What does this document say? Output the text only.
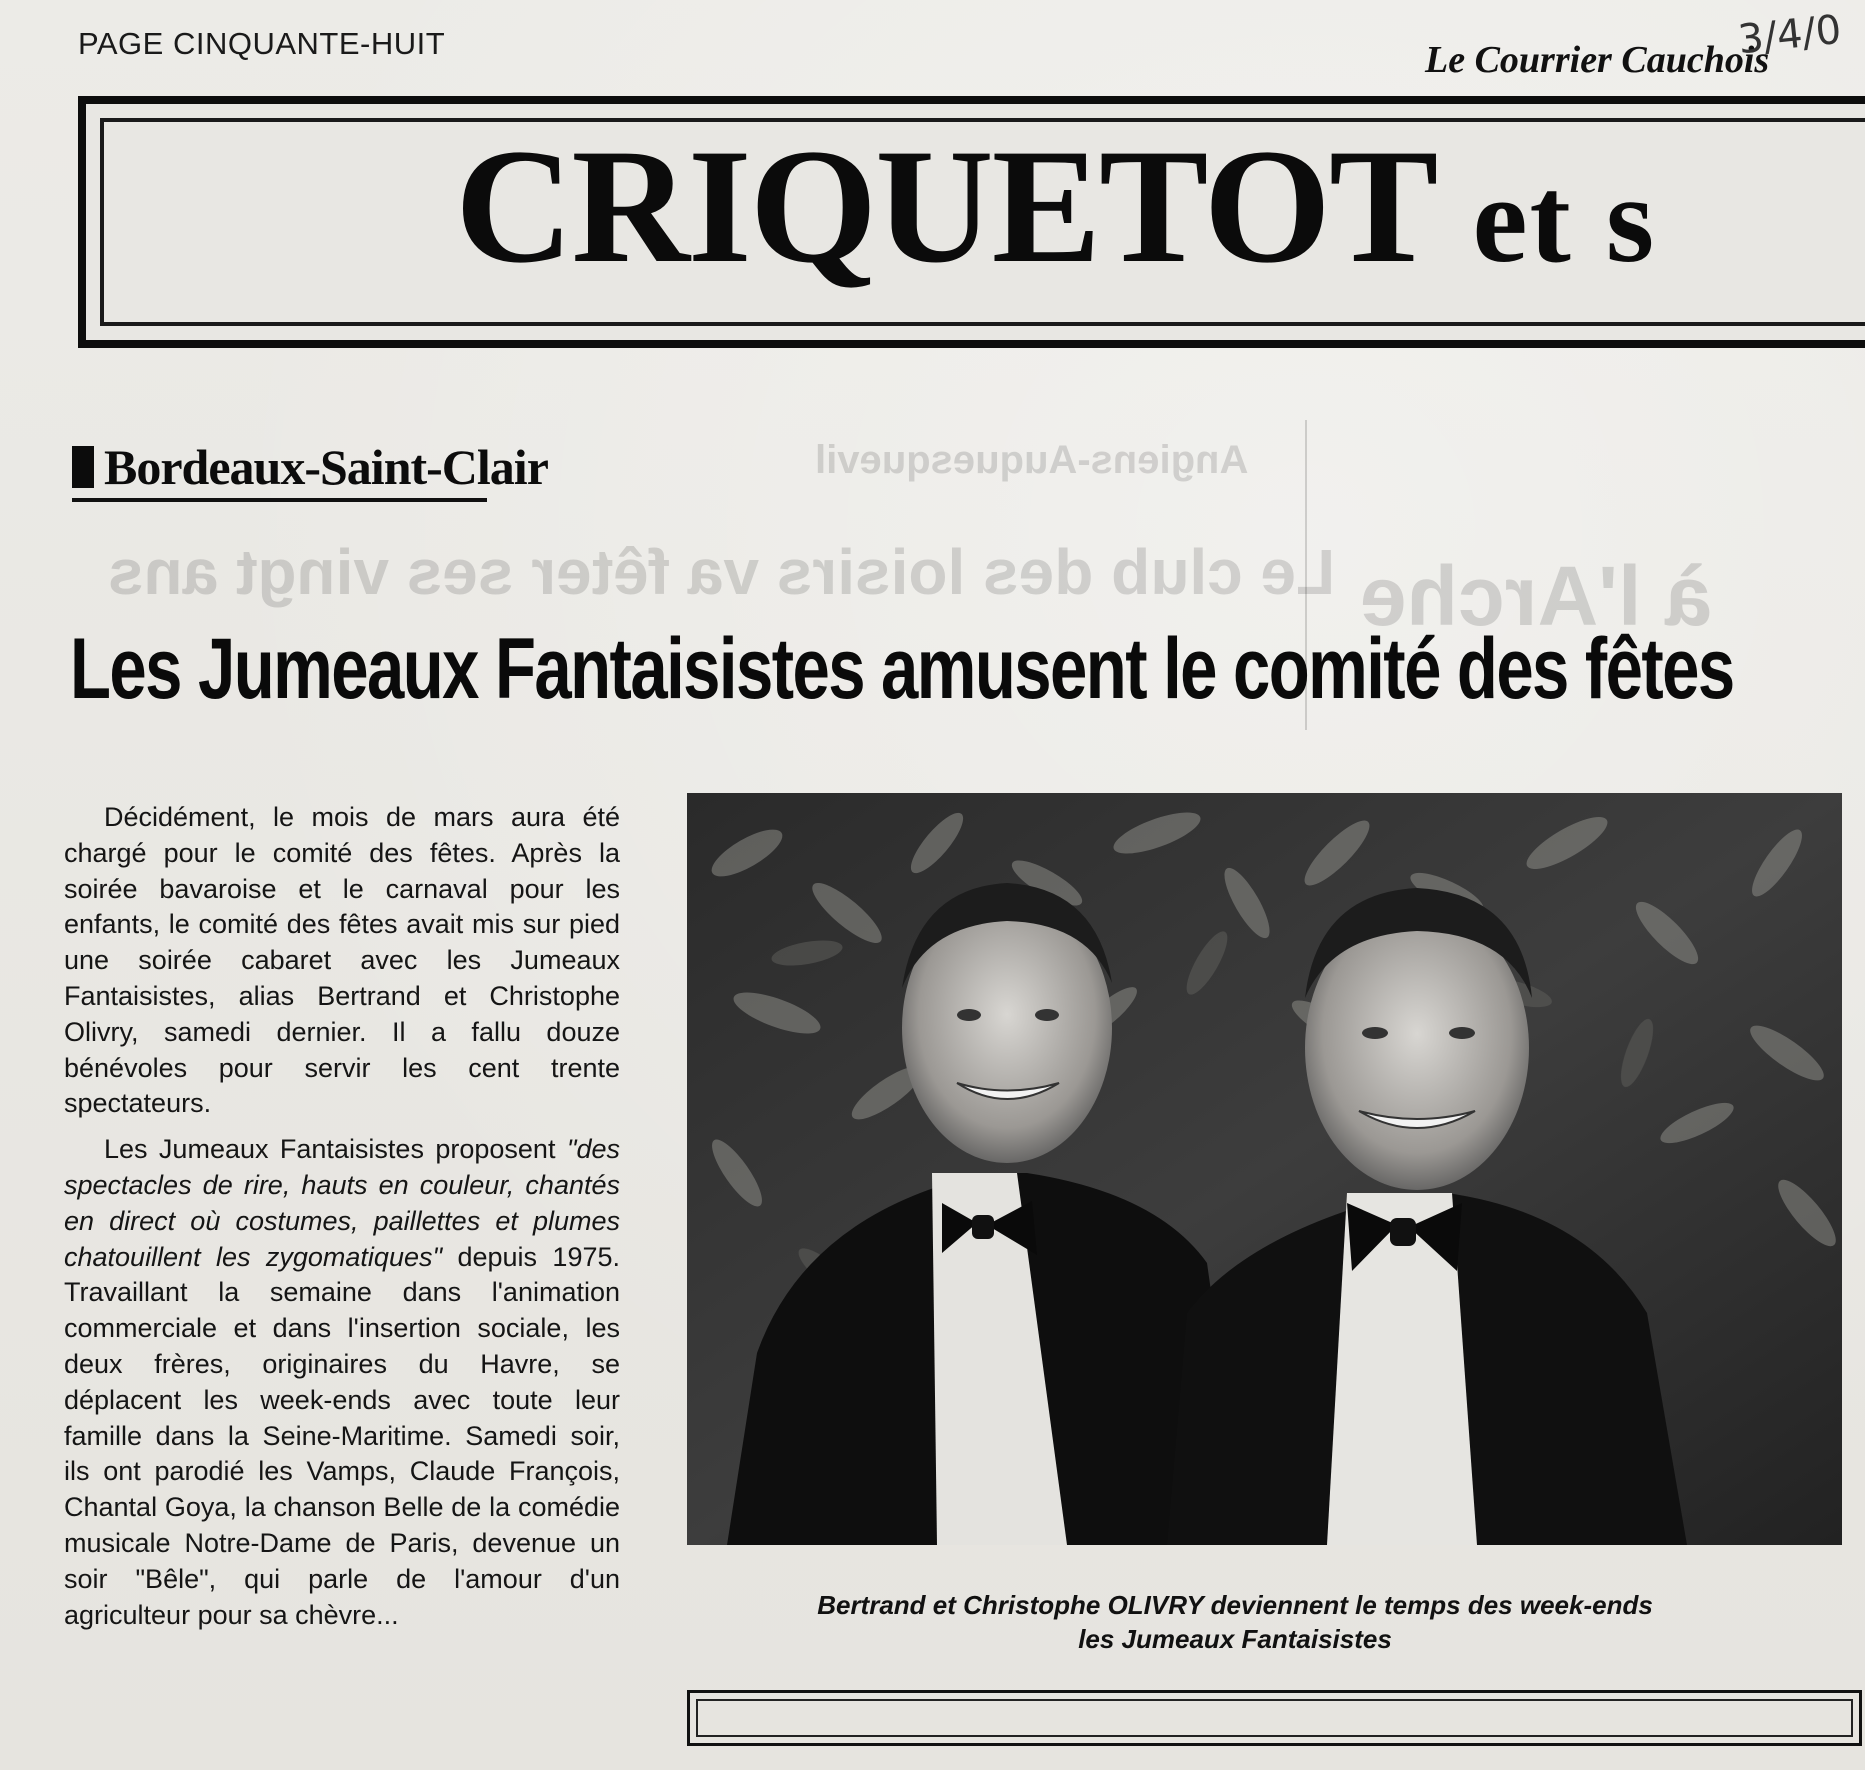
Le club des loisirs va fêter ses vingt ans
Angiens-Auquesquevil
à l'Arche
PAGE CINQUANTE-HUIT	Le Courrier Cauchois
3/4/0
CRIQUETOT et s
Bordeaux-Saint-Clair
Les Jumeaux Fantaisistes amusent le comité des fêtes

Décidément, le mois de mars aura été chargé pour le comité des fêtes. Après la soirée bavaroise et le carnaval pour les enfants, le comité des fêtes avait mis sur pied une soirée cabaret avec les Jumeaux Fantaisistes, alias Bertrand et Christophe Olivry, samedi dernier. Il a fallu douze bénévoles pour servir les cent trente spectateurs.

Les Jumeaux Fantaisistes proposent "des spectacles de rire, hauts en couleur, chantés en direct où costumes, paillettes et plumes chatouillent les zygomatiques" depuis 1975. Travaillant la semaine dans l'animation commerciale et dans l'insertion sociale, les deux frères, originaires du Havre, se déplacent les week-ends avec toute leur famille dans la Seine-Maritime. Samedi soir, ils ont parodié les Vamps, Claude François, Chantal Goya, la chanson Belle de la comédie musicale Notre-Dame de Paris, devenue un soir "Bêle", qui parle de l'amour d'un agriculteur pour sa chèvre...	Bertrand et Christophe OLIVRY deviennent le temps des week-ends
les Jumeaux Fantaisistes
